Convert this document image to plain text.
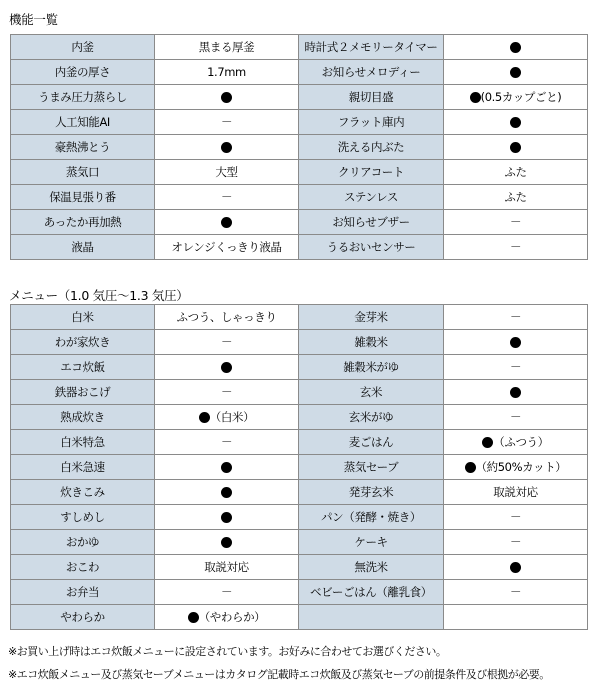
機能一覧
内釜	黒まる厚釜	時計式２メモリータイマー	
内釜の厚さ	1.7mm	お知らせメロディー	
うまみ圧力蒸らし		親切目盛	(0.5カップごと)
人工知能AI	－	フラット庫内	
豪熱沸とう		洗える内ぶた	
蒸気口	大型	クリアコート	ふた
保温見張り番	－	ステンレス	ふた
あったか再加熱		お知らせブザー	－
液晶	オレンジくっきり液晶	うるおいセンサー	－
メニュー（1.0 気圧〜1.3 気圧）
白米	ふつう、しゃっきり	金芽米	－
わが家炊き	－	雑穀米	
エコ炊飯		雑穀米がゆ	－
鉄器おこげ	－	玄米	
熟成炊き	（白米）	玄米がゆ	－
白米特急	－	麦ごはん	（ふつう）
白米急速		蒸気セーブ	（約50%カット）
炊きこみ		発芽玄米	取説対応
すしめし		パン（発酵・焼き）	－
おかゆ		ケーキ	－
おこわ	取説対応	無洗米	
お弁当	－	ベビーごはん（離乳食）	－
やわらか	（やわらか）		
※お買い上げ時はエコ炊飯メニューに設定されています。お好みに合わせてお選びください。
※エコ炊飯メニュー及び蒸気セーブメニューはカタログ記載時エコ炊飯及び蒸気セーブの前提条件及び根拠が必要。
